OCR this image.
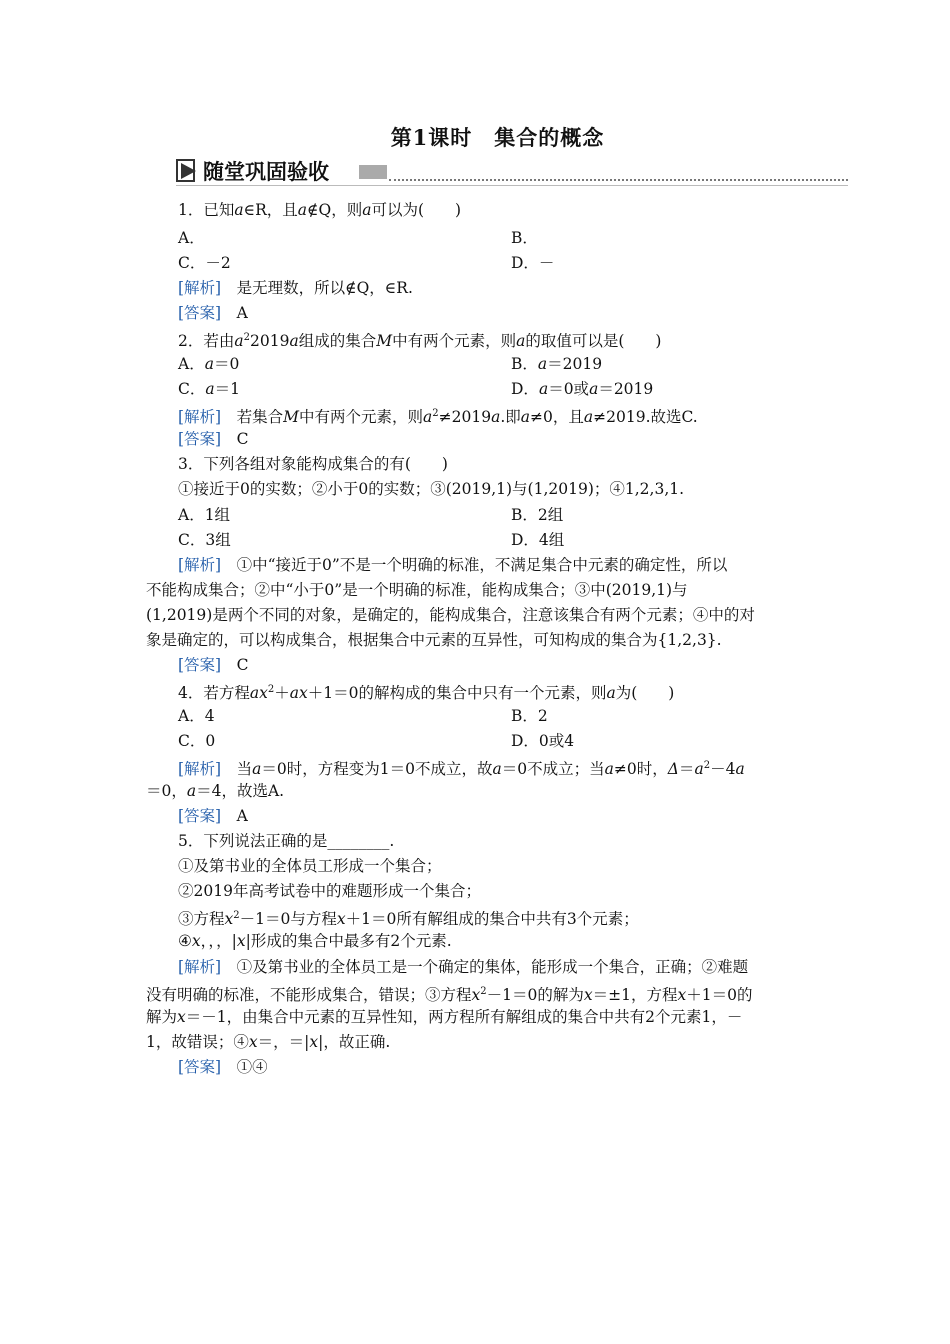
第1课时　集合的概念
随堂巩固验收
1．已知a∈R，且a∉Q，则a可以为(　　)
A．	B．
C．－2	D．－
[解析]　 是无理数，所以∉Q，∈R.
[答案]　 A
2．若由$a^22019a$组成的集合M中有两个元素，则a的取值可以是(　　)
A．a＝0	B．a＝2019
C．a＝1	D．a＝0或a＝2019
[解析]　 若集合M中有两个元素，则$a^2\ne 2019a$.即a≠0，且a≠2019.故选C.
[答案]　 C
3．下列各组对象能构成集合的有(　　)
①接近于0的实数；②小于0的实数；③(2019,1)与(1,2019)；④1,2,3,1.
A．1组	B．2组
C．3组	D．4组
[解析]　 ①中“接近于0”不是一个明确的标准，不满足集合中元素的确定性，所以
不能构成集合；②中“小于0”是一个明确的标准，能构成集合；③中(2019,1)与
(1,2019)是两个不同的对象，是确定的，能构成集合，注意该集合有两个元素；④中的对
象是确定的，可以构成集合，根据集合中元素的互异性，可知构成的集合为{1,2,3}.
[答案]　 C
4．若方程$ax^2+ax+1=0$的解构成的集合中只有一个元素，则a为(　　)
A．4	B．2
C．0	D．0或4
[解析]　 当a＝0时，方程变为1＝0不成立，故a＝0不成立；当a≠0时，$\Delta=a^2-4a$
＝0，a＝4，故选A.
[答案]　 A
5．下列说法正确的是________.
①及第书业的全体员工形成一个集合；
②2019年高考试卷中的难题形成一个集合；
③方程$x^2-1=0$与方程x＋1＝0所有解组成的集合中共有3个元素；
④x，，，|x|形成的集合中最多有2个元素.
[解析]　 ①及第书业的全体员工是一个确定的集体，能形成一个集合，正确；②难题
没有明确的标准，不能形成集合，错误；③方程$x^2-1=0$的解为x＝±1，方程x＋1＝0的
解为x＝－1，由集合中元素的互异性知，两方程所有解组成的集合中共有2个元素1，－
1，故错误；④x＝，＝|x|，故正确.
[答案]　 ①④
